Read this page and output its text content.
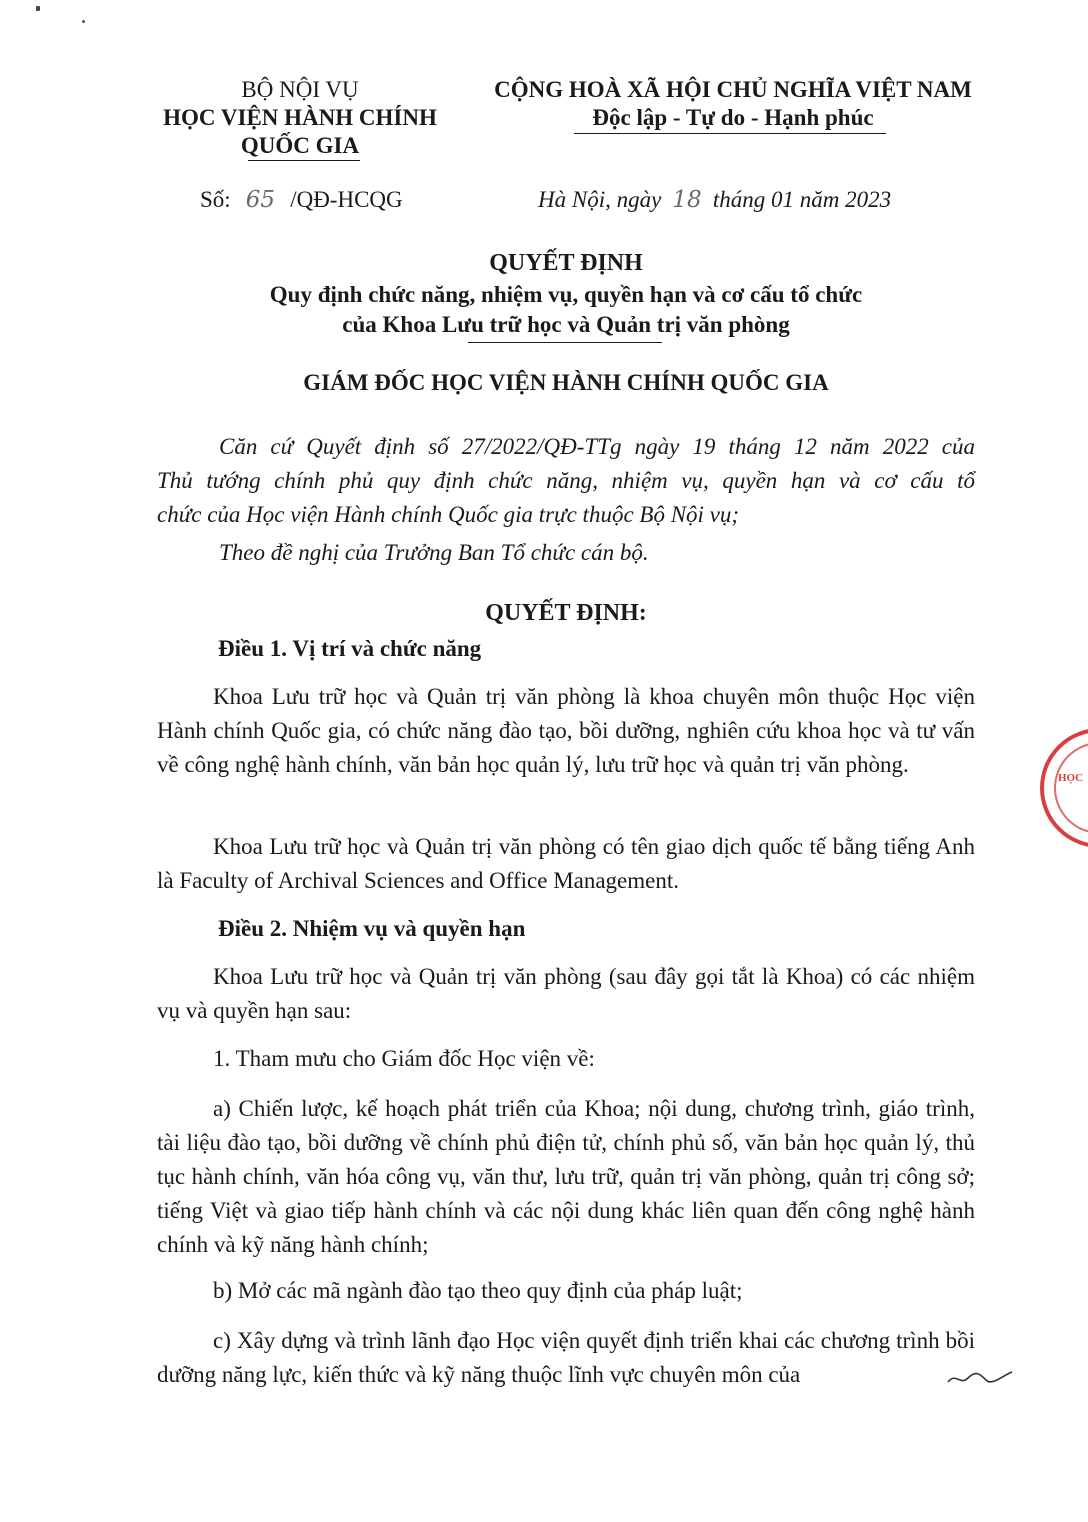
BỘ NỘI VỤ
HỌC VIỆN HÀNH CHÍNH
QUỐC GIA
CỘNG HOÀ XÃ HỘI CHỦ NGHĨA VIỆT NAM
Độc lập - Tự do - Hạnh phúc
Số: 65 /QĐ-HCQG	Hà Nội, ngày 18 tháng 01 năm 2023
QUYẾT ĐỊNH
Quy định chức năng, nhiệm vụ, quyền hạn và cơ cấu tổ chức
của Khoa Lưu trữ học và Quản trị văn phòng
GIÁM ĐỐC HỌC VIỆN HÀNH CHÍNH QUỐC GIA
Căn cứ Quyết định số 27/2022/QĐ-TTg ngày 19 tháng 12 năm 2022 của
Thủ tướng chính phủ quy định chức năng, nhiệm vụ, quyền hạn và cơ cấu tổ
chức của Học viện Hành chính Quốc gia trực thuộc Bộ Nội vụ;
Theo đề nghị của Trưởng Ban Tổ chức cán bộ.
QUYẾT ĐỊNH:
Điều 1. Vị trí và chức năng
Khoa Lưu trữ học và Quản trị văn phòng là khoa chuyên môn thuộc Học viện Hành chính Quốc gia, có chức năng đào tạo, bồi dưỡng, nghiên cứu khoa học và tư vấn về công nghệ hành chính, văn bản học quản lý, lưu trữ học và quản trị văn phòng.
Khoa Lưu trữ học và Quản trị văn phòng có tên giao dịch quốc tế bằng tiếng Anh là Faculty of Archival Sciences and Office Management.
Điều 2. Nhiệm vụ và quyền hạn
Khoa Lưu trữ học và Quản trị văn phòng (sau đây gọi tắt là Khoa) có các nhiệm vụ và quyền hạn sau:
1. Tham mưu cho Giám đốc Học viện về:
a) Chiến lược, kế hoạch phát triển của Khoa; nội dung, chương trình, giáo trình, tài liệu đào tạo, bồi dưỡng về chính phủ điện tử, chính phủ số, văn bản học quản lý, thủ tục hành chính, văn hóa công vụ, văn thư, lưu trữ, quản trị văn phòng, quản trị công sở; tiếng Việt và giao tiếp hành chính và các nội dung khác liên quan đến công nghệ hành chính và kỹ năng hành chính;
b) Mở các mã ngành đào tạo theo quy định của pháp luật;
c) Xây dựng và trình lãnh đạo Học viện quyết định triển khai các chương trình bồi dưỡng năng lực, kiến thức và kỹ năng thuộc lĩnh vực chuyên môn của
HỌC
